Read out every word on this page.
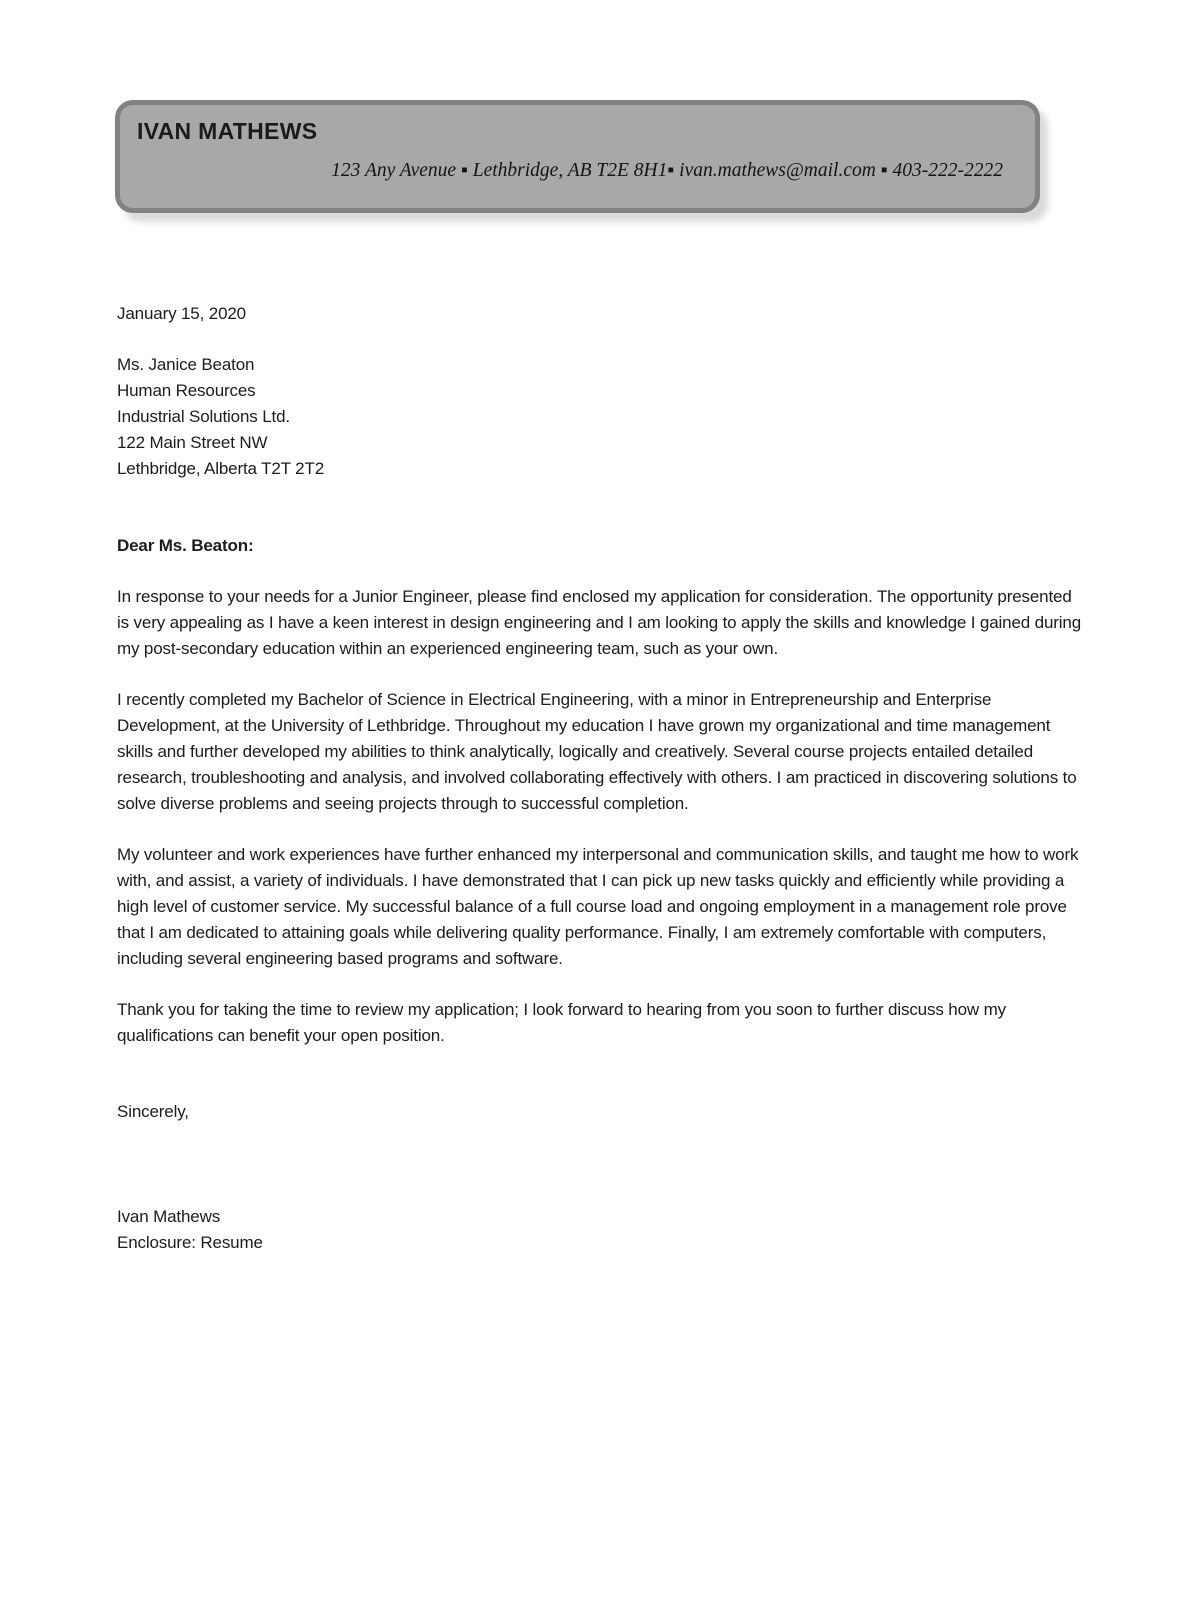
IVAN MATHEWS
123 Any Avenue ▪ Lethbridge, AB T2E 8H1▪ ivan.mathews@mail.com ▪ 403-222-2222
January 15, 2020
Ms. Janice Beaton
Human Resources
Industrial Solutions Ltd.
122 Main Street NW
Lethbridge, Alberta T2T 2T2
Dear Ms. Beaton:

In response to your needs for a Junior Engineer, please find enclosed my application for consideration. The opportunity presented is very appealing as I have a keen interest in design engineering and I am looking to apply the skills and knowledge I gained during my post-secondary education within an experienced engineering team, such as your own.

I recently completed my Bachelor of Science in Electrical Engineering, with a minor in Entrepreneurship and Enterprise Development, at the University of Lethbridge. Throughout my education I have grown my organizational and time management skills and further developed my abilities to think analytically, logically and creatively. Several course projects entailed detailed research, troubleshooting and analysis, and involved collaborating effectively with others. I am practiced in discovering solutions to solve diverse problems and seeing projects through to successful completion.

My volunteer and work experiences have further enhanced my interpersonal and communication skills, and taught me how to work with, and assist, a variety of individuals. I have demonstrated that I can pick up new tasks quickly and efficiently while providing a high level of customer service. My successful balance of a full course load and ongoing employment in a management role prove that I am dedicated to attaining goals while delivering quality performance. Finally, I am extremely comfortable with computers, including several engineering based programs and software.

Thank you for taking the time to review my application; I look forward to hearing from you soon to further discuss how my qualifications can benefit your open position.

Sincerely,
Ivan Mathews
Enclosure: Resume
